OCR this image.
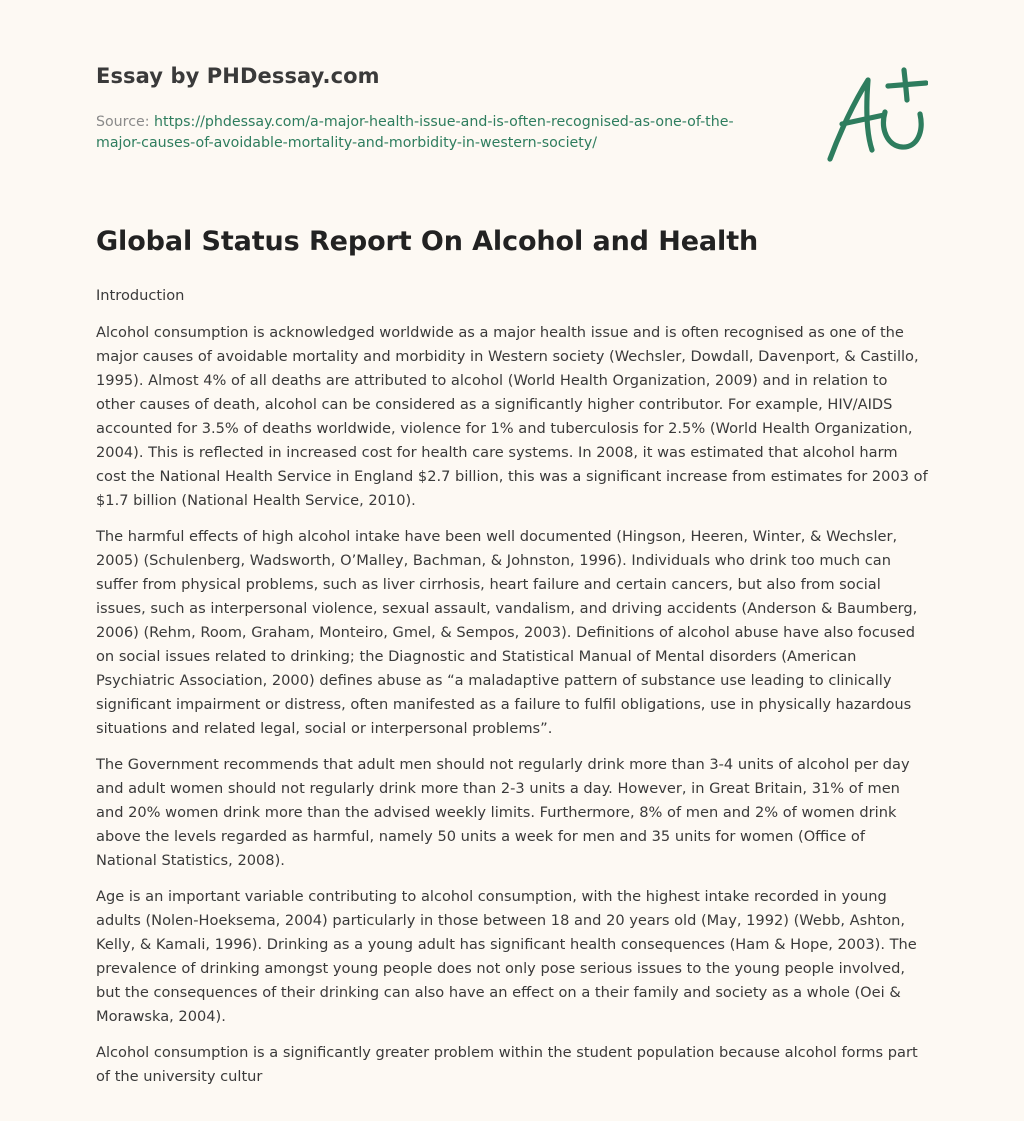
Essay by PHDessay.com
Source: https://phdessay.com/a-major-health-issue-and-is-often-recognised-as-one-of-the-major-causes-of-avoidable-mortality-and-morbidity-in-western-society/
Global Status Report On Alcohol and Health

Introduction

Alcohol consumption is acknowledged worldwide as a major health issue and is often recognised as one of the major causes of avoidable mortality and morbidity in Western society (Wechsler, Dowdall, Davenport, & Castillo, 1995). Almost 4% of all deaths are attributed to alcohol (World Health Organization, 2009) and in relation to other causes of death, alcohol can be considered as a significantly higher contributor. For example, HIV/AIDS accounted for 3.5% of deaths worldwide, violence for 1% and tuberculosis for 2.5% (World Health Organization, 2004). This is reflected in increased cost for health care systems. In 2008, it was estimated that alcohol harm cost the National Health Service in England $2.7 billion, this was a significant increase from estimates for 2003 of $1.7 billion (National Health Service, 2010).

The harmful effects of high alcohol intake have been well documented (Hingson, Heeren, Winter, & Wechsler, 2005) (Schulenberg, Wadsworth, O’Malley, Bachman, & Johnston, 1996). Individuals who drink too much can suffer from physical problems, such as liver cirrhosis, heart failure and certain cancers, but also from social issues, such as interpersonal violence, sexual assault, vandalism, and driving accidents (Anderson & Baumberg, 2006) (Rehm, Room, Graham, Monteiro, Gmel, & Sempos, 2003). Definitions of alcohol abuse have also focused on social issues related to drinking; the Diagnostic and Statistical Manual of Mental disorders (American Psychiatric Association, 2000) defines abuse as “a maladaptive pattern of substance use leading to clinically significant impairment or distress, often manifested as a failure to fulfil obligations, use in physically hazardous situations and related legal, social or interpersonal problems”.

The Government recommends that adult men should not regularly drink more than 3-4 units of alcohol per day and adult women should not regularly drink more than 2-3 units a day. However, in Great Britain, 31% of men and 20% women drink more than the advised weekly limits. Furthermore, 8% of men and 2% of women drink above the levels regarded as harmful, namely 50 units a week for men and 35 units for women (Office of National Statistics, 2008).

Age is an important variable contributing to alcohol consumption, with the highest intake recorded in young adults (Nolen-Hoeksema, 2004) particularly in those between 18 and 20 years old (May, 1992) (Webb, Ashton, Kelly, & Kamali, 1996). Drinking as a young adult has significant health consequences (Ham & Hope, 2003). The prevalence of drinking amongst young people does not only pose serious issues to the young people involved, but the consequences of their drinking can also have an effect on a their family and society as a whole (Oei & Morawska, 2004).

Alcohol consumption is a significantly greater problem within the student population because alcohol forms part of the university cultur
